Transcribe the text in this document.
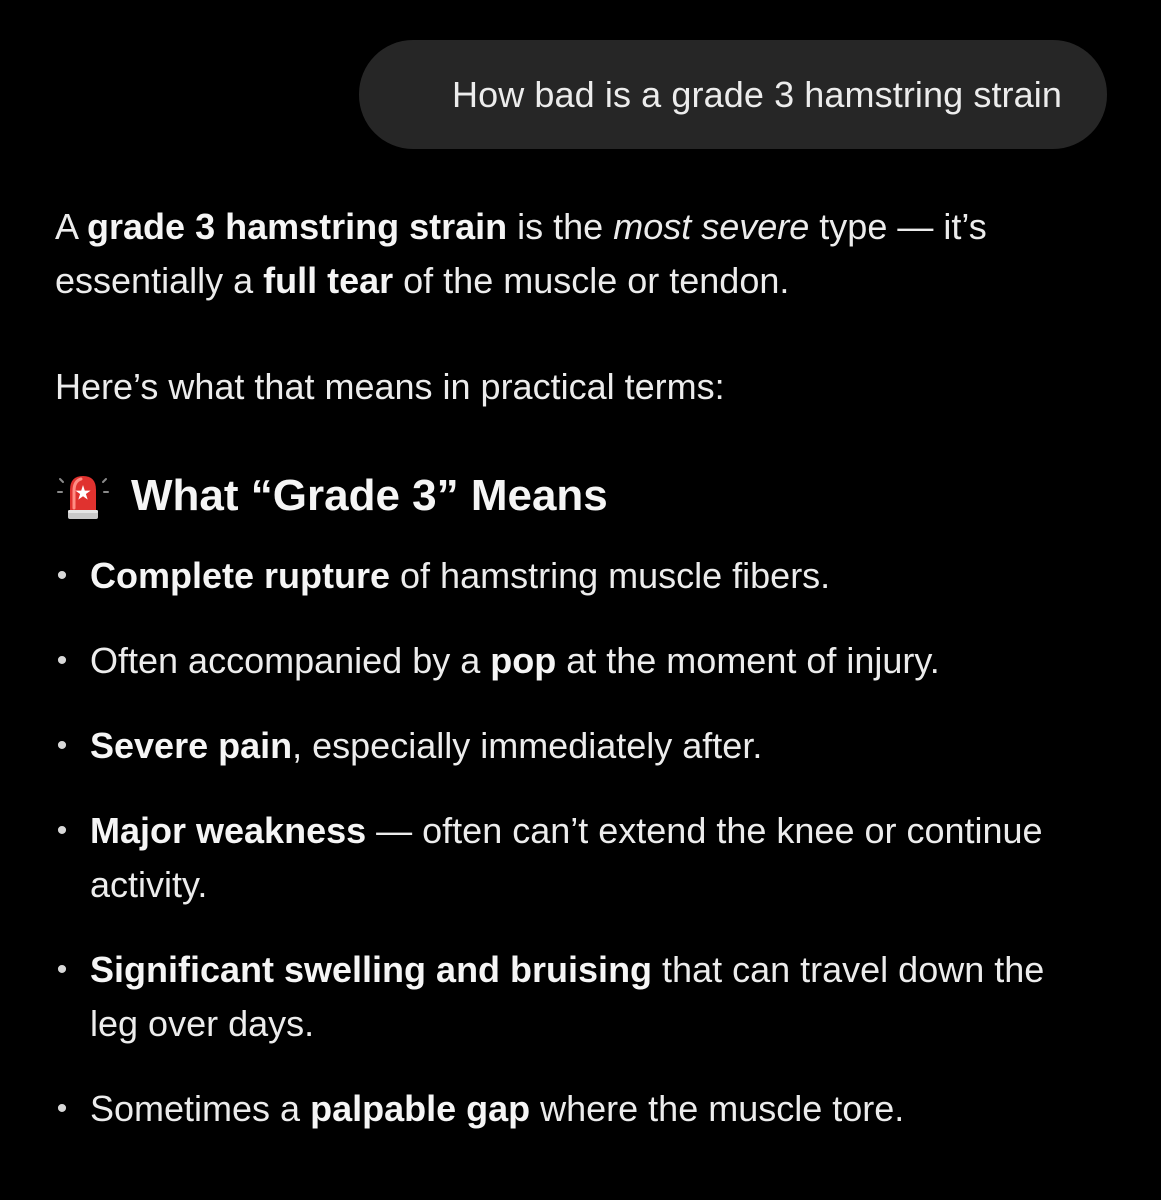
How bad is a grade 3 hamstring strain

A grade 3 hamstring strain is the most severe type — it’s essentially a full tear of the muscle or tendon.

Here’s what that means in practical terms:

What “Grade 3” Means
• Complete rupture of hamstring muscle fibers.
• Often accompanied by a pop at the moment of injury.
• Severe pain, especially immediately after.
• Major weakness — often can’t extend the knee or continue activity.
• Significant swelling and bruising that can travel down the leg over days.
• Sometimes a palpable gap where the muscle tore.
